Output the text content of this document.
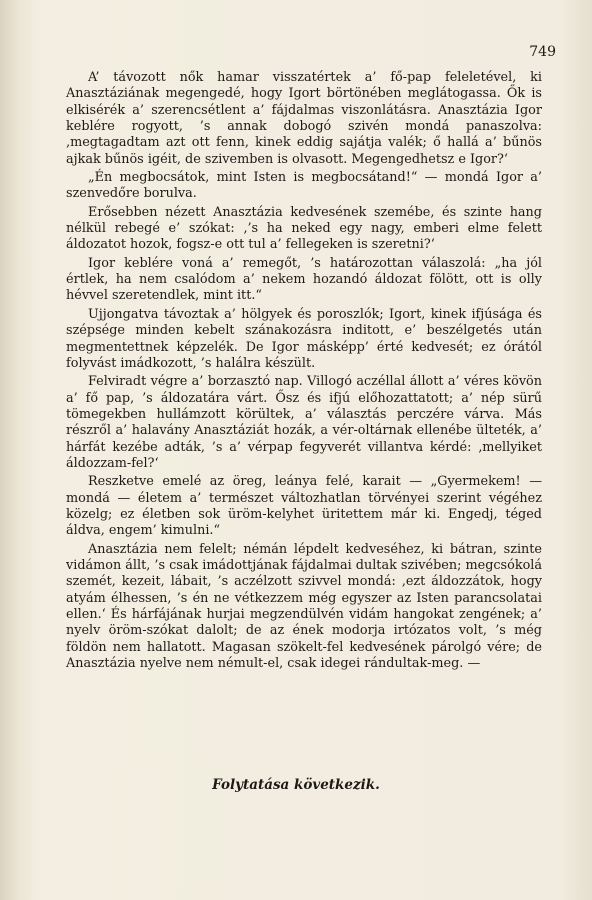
749

A’ távozott nők hamar visszatértek a’ fő-pap feleletével, ki Anasztáziának megengedé, hogy Igort börtönében meglátogassa. Ők is elkisérék a’ szerencsétlent a’ fájdalmas viszonlátásra. Anasztázia Igor keblére rogyott, ’s annak dobogó szivén mondá panaszolva: ‚megtagadtam azt ott fenn, kinek eddig sajátja valék; ő hallá a’ bűnös ajkak bűnös igéit, de szivemben is olvasott. Megengedhetsz e Igor?‘

„Én megbocsátok, mint Isten is megbocsátand!“ — mondá Igor a’ szenvedőre borulva.

Erősebben nézett Anasztázia kedvesének szemébe, és szinte hang nélkül rebegé e’ szókat: ‚’s ha neked egy nagy, emberi elme felett áldozatot hozok, fogsz-e ott tul a’ fellegeken is szeretni?‘

Igor keblére voná a’ remegőt, ’s határozottan válaszolá: „ha jól értlek, ha nem csalódom a’ nekem hozandó áldozat fölött, ott is olly hévvel szeretendlek, mint itt.“

Ujjongatva távoztak a’ hölgyek és poroszlók; Igort, kinek ifjúsága és szépsége minden kebelt szánakozásra inditott, e’ beszélgetés után megmentettnek képzelék. De Igor másképp’ érté kedvesét; ez órától folyvást imádkozott, ’s halálra készült.

Felviradt végre a’ borzasztó nap. Villogó aczéllal állott a’ véres kövön a’ fő pap, ’s áldozatára várt. Ősz és ifjú előhozattatott; a’ nép sürű tömegekben hullámzott körültek, a’ választás perczére várva. Más részről a’ halavány Anasztáziát hozák, a vér-oltárnak ellenébe ülteték, a’ hárfát kezébe adták, ’s a’ vérpap fegyverét villantva kérdé: ‚mellyiket áldozzam-fel?‘

Reszketve emelé az öreg, leánya felé, karait — „Gyermekem! — mondá — életem a’ természet változhatlan törvényei szerint végéhez közelg; ez életben sok üröm-kelyhet üritettem már ki. Engedj, téged áldva, engem’ kimulni.“

Anasztázia nem felelt; némán lépdelt kedveséhez, ki bátran, szinte vidámon állt, ’s csak imádottjának fájdalmai dultak szivében; megcsókolá szemét, kezeit, lábait, ’s aczélzott szivvel mondá: ‚ezt áldozzátok, hogy atyám élhessen, ’s én ne vétkezzem még egyszer az Isten parancsolatai ellen.‘ És hárfájának hurjai megzendülvén vidám hangokat zengének; a’ nyelv öröm-szókat dalolt; de az ének modorja irtózatos volt, ’s még földön nem hallatott. Magasan szökelt-fel kedvesének párolgó vére; de Anasztázia nyelve nem némult-el, csak idegei rándultak-meg. —

Folytatása következik.
